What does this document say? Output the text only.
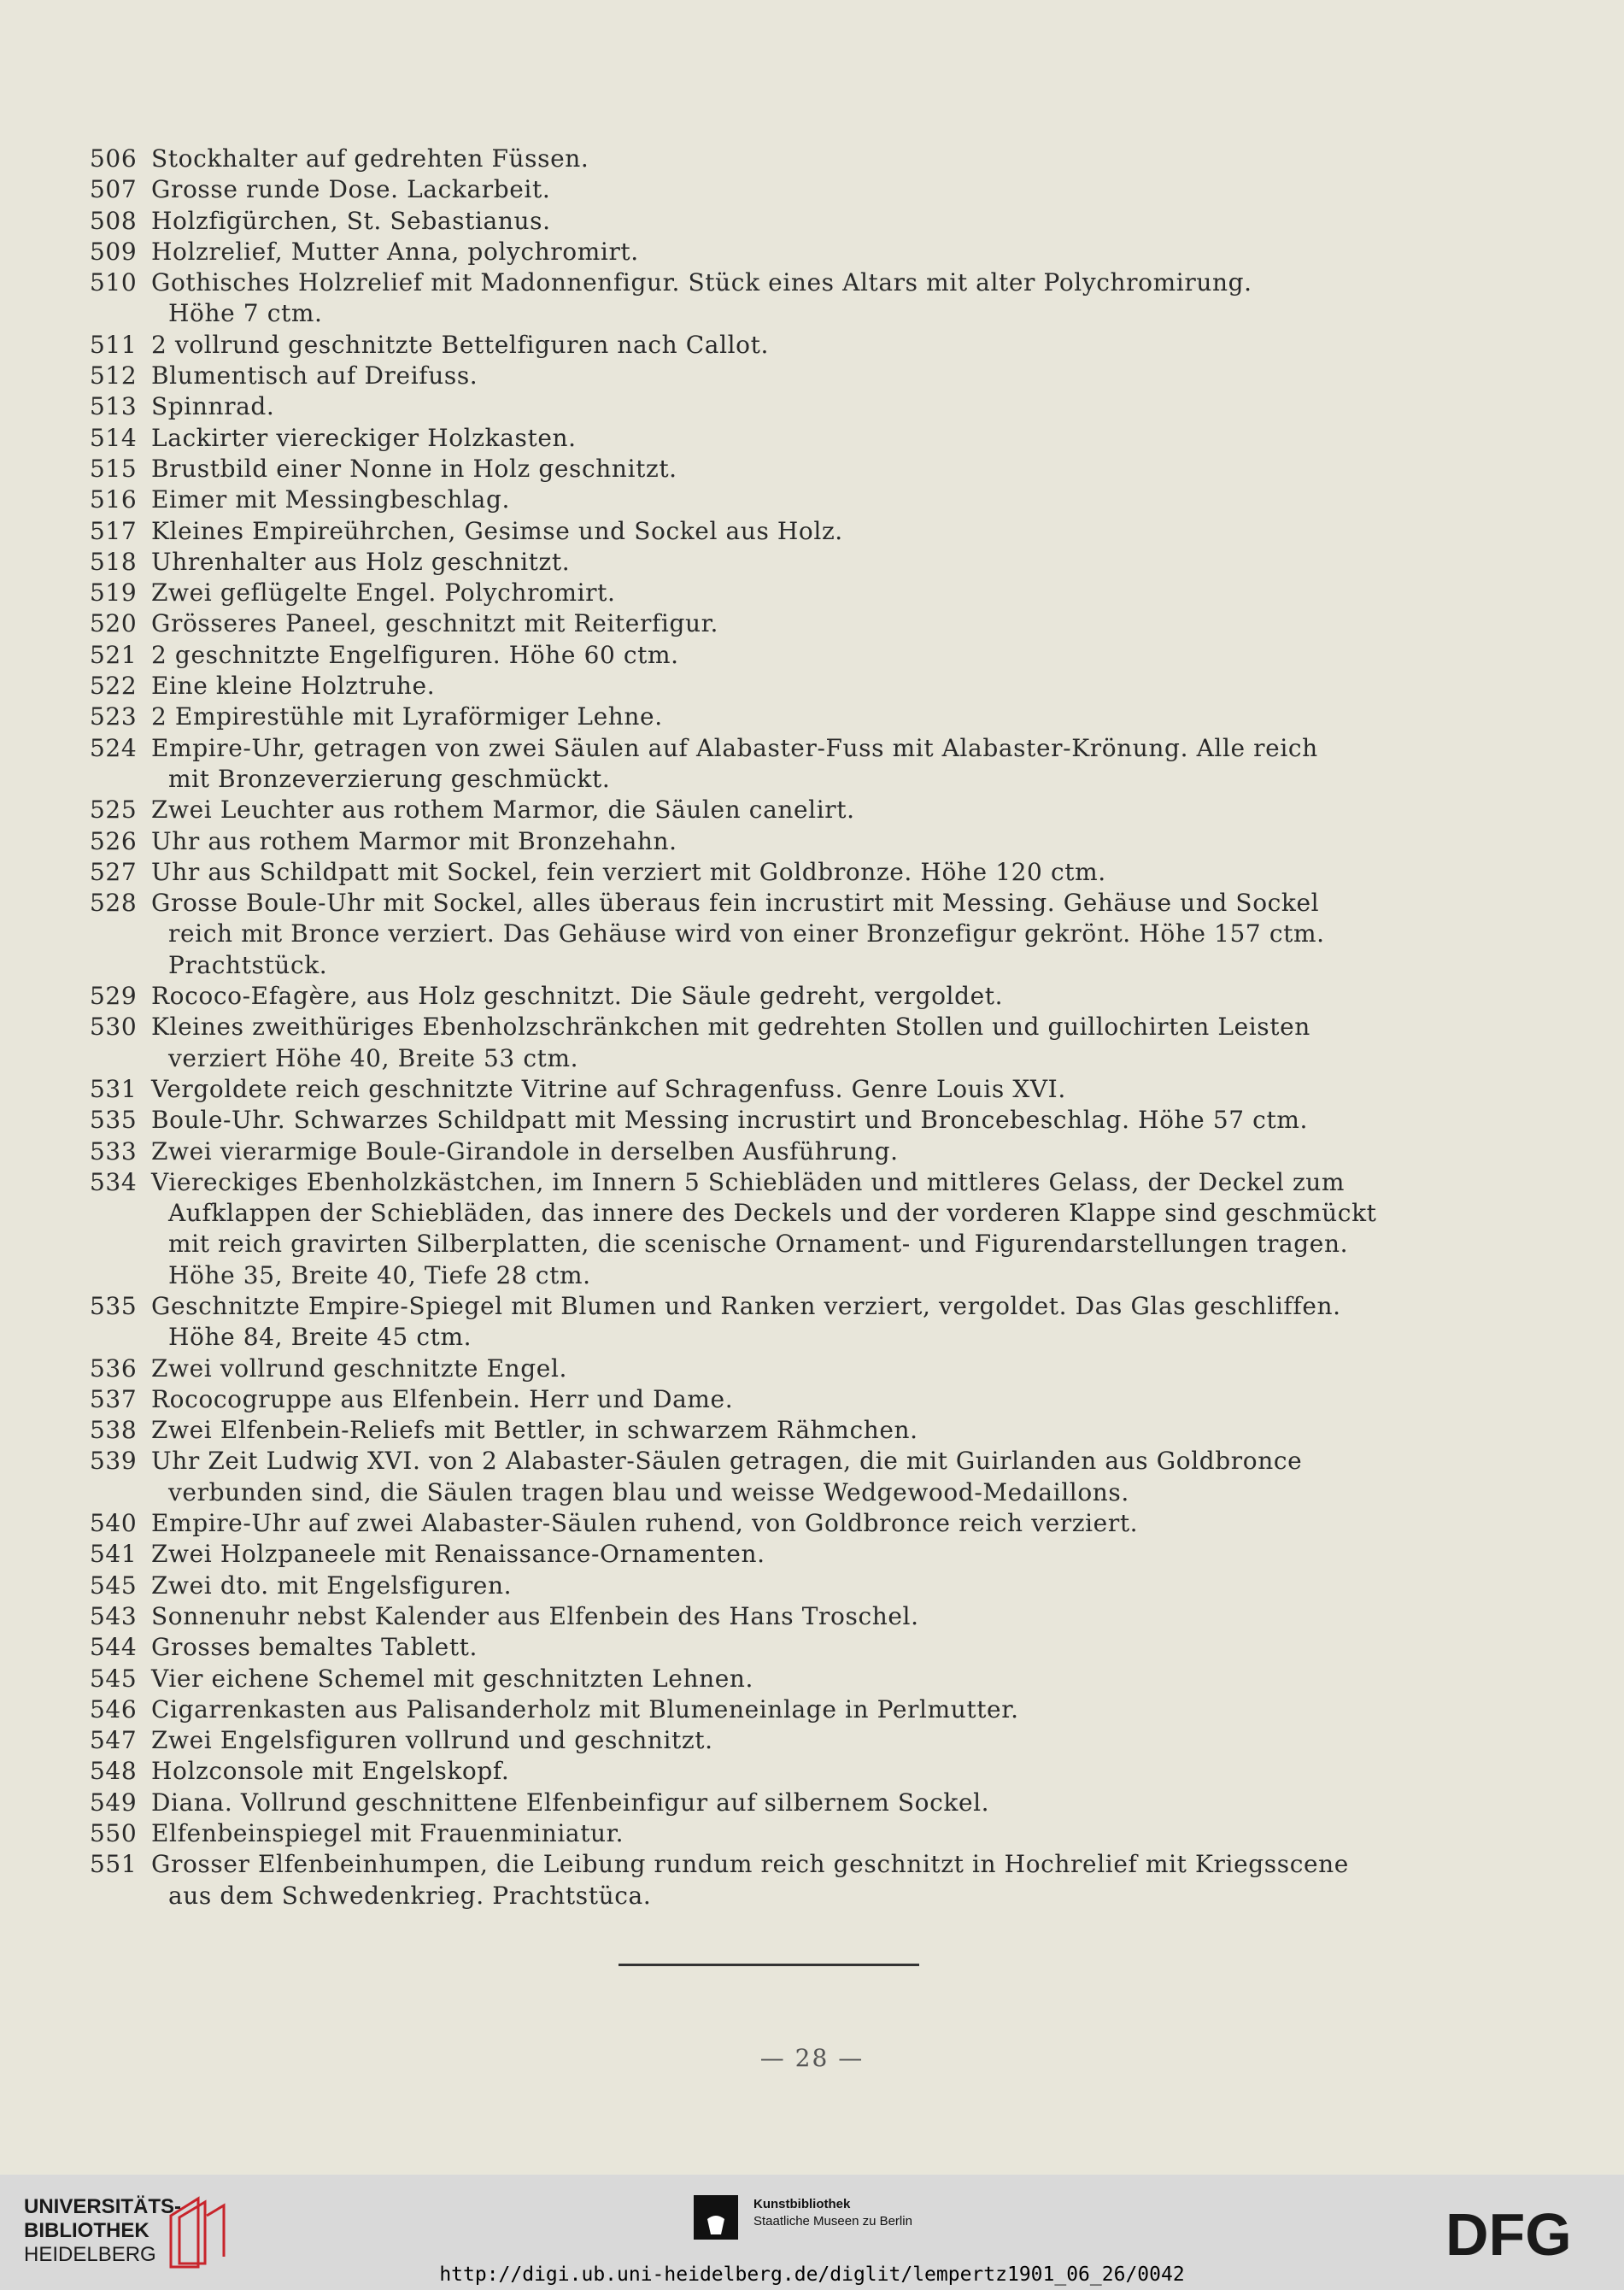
506 Stockhalter auf gedrehten Füssen.
507 Grosse runde Dose. Lackarbeit.
508 Holzfigürchen, St. Sebastianus.
509 Holzrelief, Mutter Anna, polychromirt.
510 Gothisches Holzrelief mit Madonnenfigur. Stück eines Altars mit alter Polychromirung.
Höhe 7 ctm.
511 2 vollrund geschnitzte Bettelfiguren nach Callot.
512 Blumentisch auf Dreifuss.
513 Spinnrad.
514 Lackirter viereckiger Holzkasten.
515 Brustbild einer Nonne in Holz geschnitzt.
516 Eimer mit Messingbeschlag.
517 Kleines Empireührchen, Gesimse und Sockel aus Holz.
518 Uhrenhalter aus Holz geschnitzt.
519 Zwei geflügelte Engel. Polychromirt.
520 Grösseres Paneel, geschnitzt mit Reiterfigur.
521 2 geschnitzte Engelfiguren. Höhe 60 ctm.
522 Eine kleine Holztruhe.
523 2 Empirestühle mit Lyraförmiger Lehne.
524 Empire-Uhr, getragen von zwei Säulen auf Alabaster-Fuss mit Alabaster-Krönung. Alle reich
mit Bronzeverzierung geschmückt.
525 Zwei Leuchter aus rothem Marmor, die Säulen canelirt.
526 Uhr aus rothem Marmor mit Bronzehahn.
527 Uhr aus Schildpatt mit Sockel, fein verziert mit Goldbronze. Höhe 120 ctm.
528 Grosse Boule-Uhr mit Sockel, alles überaus fein incrustirt mit Messing. Gehäuse und Sockel
reich mit Bronce verziert. Das Gehäuse wird von einer Bronzefigur gekrönt. Höhe 157 ctm.
Prachtstück.
529 Rococo-Efagère, aus Holz geschnitzt. Die Säule gedreht, vergoldet.
530 Kleines zweithüriges Ebenholzschränkchen mit gedrehten Stollen und guillochirten Leisten
verziert Höhe 40, Breite 53 ctm.
531 Vergoldete reich geschnitzte Vitrine auf Schragenfuss. Genre Louis XVI.
535 Boule-Uhr. Schwarzes Schildpatt mit Messing incrustirt und Broncebeschlag. Höhe 57 ctm.
533 Zwei vierarmige Boule-Girandole in derselben Ausführung.
534 Viereckiges Ebenholzkästchen, im Innern 5 Schiebläden und mittleres Gelass, der Deckel zum
Aufklappen der Schiebläden, das innere des Deckels und der vorderen Klappe sind geschmückt
mit reich gravirten Silberplatten, die scenische Ornament- und Figurendarstellungen tragen.
Höhe 35, Breite 40, Tiefe 28 ctm.
535 Geschnitzte Empire-Spiegel mit Blumen und Ranken verziert, vergoldet. Das Glas geschliffen.
Höhe 84, Breite 45 ctm.
536 Zwei vollrund geschnitzte Engel.
537 Rococogruppe aus Elfenbein. Herr und Dame.
538 Zwei Elfenbein-Reliefs mit Bettler, in schwarzem Rähmchen.
539 Uhr Zeit Ludwig XVI. von 2 Alabaster-Säulen getragen, die mit Guirlanden aus Goldbronce
verbunden sind, die Säulen tragen blau und weisse Wedgewood-Medaillons.
540 Empire-Uhr auf zwei Alabaster-Säulen ruhend, von Goldbronce reich verziert.
541 Zwei Holzpaneele mit Renaissance-Ornamenten.
545 Zwei dto. mit Engelsfiguren.
543 Sonnenuhr nebst Kalender aus Elfenbein des Hans Troschel.
544 Grosses bemaltes Tablett.
545 Vier eichene Schemel mit geschnitzten Lehnen.
546 Cigarrenkasten aus Palisanderholz mit Blumeneinlage in Perlmutter.
547 Zwei Engelsfiguren vollrund und geschnitzt.
548 Holzconsole mit Engelskopf.
549 Diana. Vollrund geschnittene Elfenbeinfigur auf silbernem Sockel.
550 Elfenbeinspiegel mit Frauenminiatur.
551 Grosser Elfenbeinhumpen, die Leibung rundum reich geschnitzt in Hochrelief mit Kriegsscene
aus dem Schwedenkrieg. Prachtstüca.
— 28 —
UNIVERSITÄTS-
BIBLIOTHEK
HEIDELBERG
Kunstbibliothek
Staatliche Museen zu Berlin	DFG
http://digi.ub.uni-heidelberg.de/diglit/lempertz1901_06_26/0042
